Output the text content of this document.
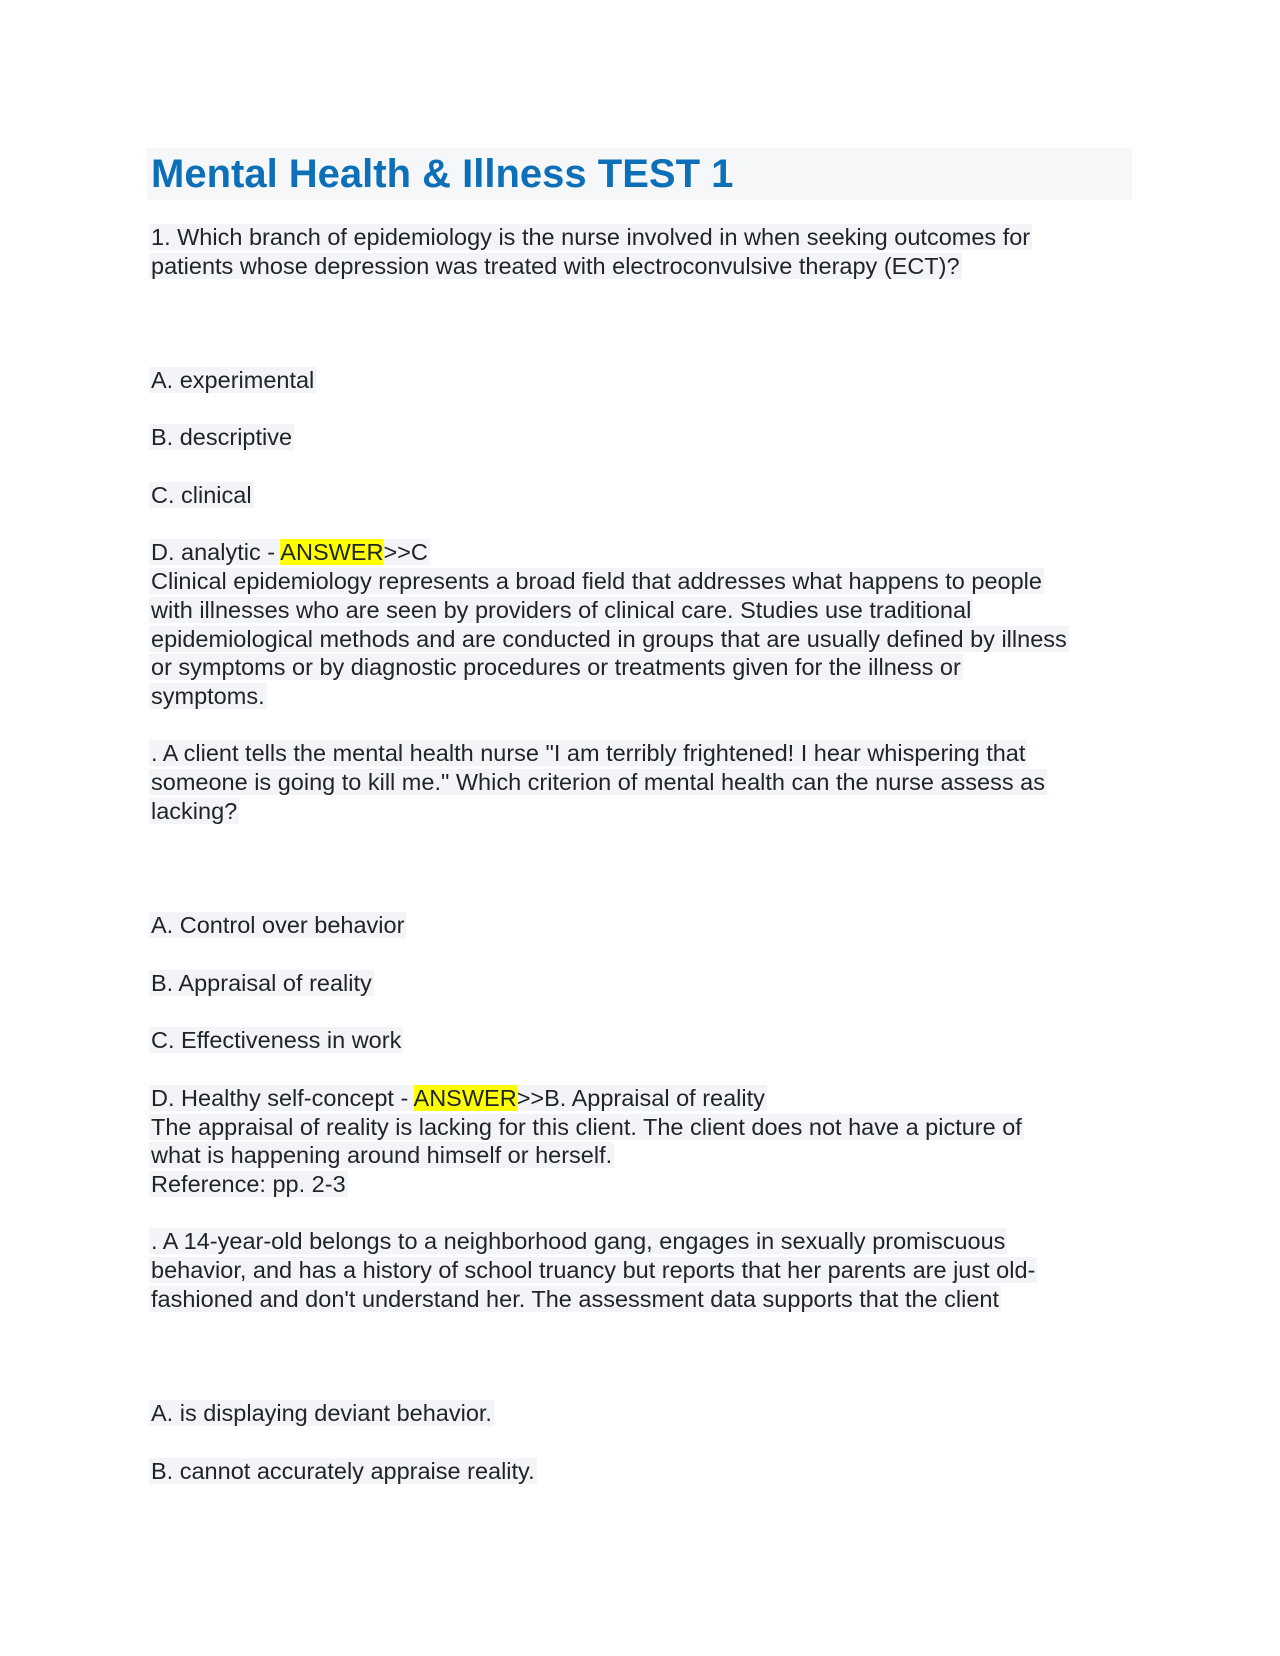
Mental Health & Illness TEST 1

1. Which branch of epidemiology is the nurse involved in when seeking outcomes for

patients whose depression was treated with electroconvulsive therapy (ECT)?

A. experimental

B. descriptive

C. clinical

D. analytic - ANSWER>>C

Clinical epidemiology represents a broad field that addresses what happens to people

with illnesses who are seen by providers of clinical care. Studies use traditional

epidemiological methods and are conducted in groups that are usually defined by illness

or symptoms or by diagnostic procedures or treatments given for the illness or

symptoms.

. A client tells the mental health nurse "I am terribly frightened! I hear whispering that

someone is going to kill me." Which criterion of mental health can the nurse assess as

lacking?

A. Control over behavior

B. Appraisal of reality

C. Effectiveness in work

D. Healthy self-concept - ANSWER>>B. Appraisal of reality

The appraisal of reality is lacking for this client. The client does not have a picture of

what is happening around himself or herself.

Reference: pp. 2-3

. A 14-year-old belongs to a neighborhood gang, engages in sexually promiscuous

behavior, and has a history of school truancy but reports that her parents are just old-

fashioned and don't understand her. The assessment data supports that the client

A. is displaying deviant behavior.

B. cannot accurately appraise reality.
